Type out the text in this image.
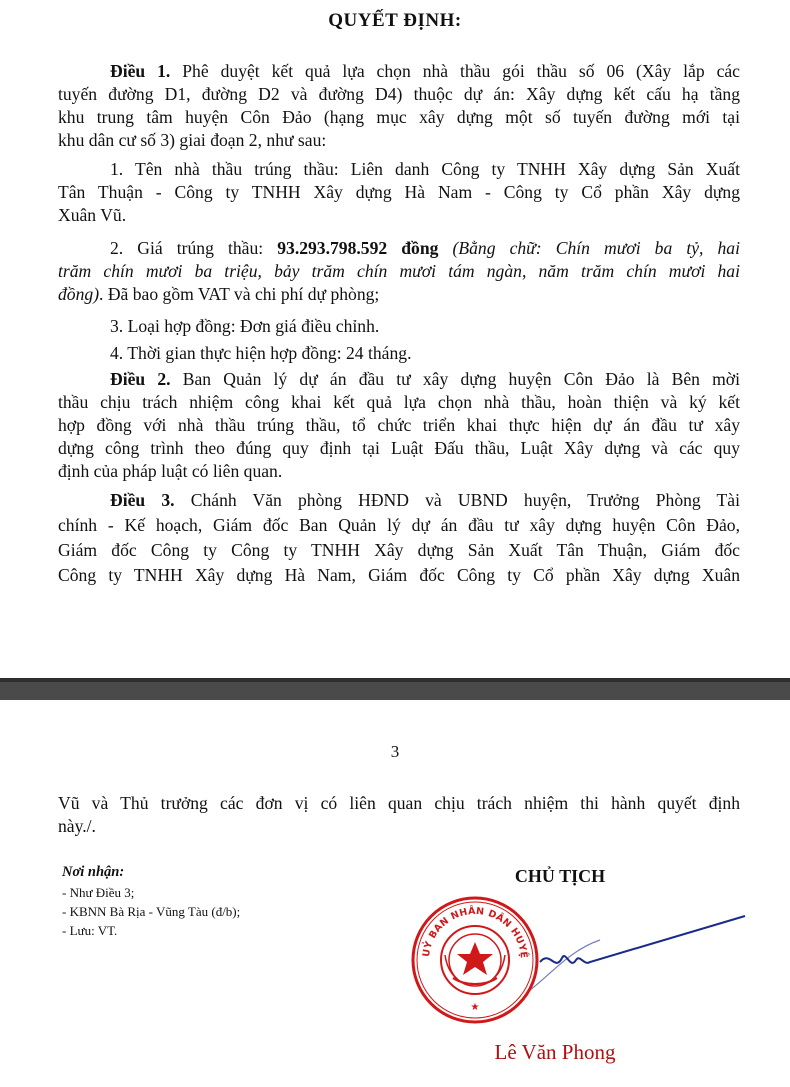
QUYẾT ĐỊNH:
Điều 1. Phê duyệt kết quả lựa chọn nhà thầu gói thầu số 06 (Xây lắp các
tuyến đường D1, đường D2 và đường D4) thuộc dự án: Xây dựng kết cấu hạ tầng
khu trung tâm huyện Côn Đảo (hạng mục xây dựng một số tuyến đường mới tại
khu dân cư số 3) giai đoạn 2, như sau:
1. Tên nhà thầu trúng thầu: Liên danh Công ty TNHH Xây dựng Sản Xuất
Tân Thuận - Công ty TNHH Xây dựng Hà Nam - Công ty Cổ phần Xây dựng
Xuân Vũ.
2. Giá trúng thầu: 93.293.798.592 đồng (Bằng chữ: Chín mươi ba tỷ, hai
trăm chín mươi ba triệu, bảy trăm chín mươi tám ngàn, năm trăm chín mươi hai
đồng). Đã bao gồm VAT và chi phí dự phòng;
3. Loại hợp đồng: Đơn giá điều chỉnh.
4. Thời gian thực hiện hợp đồng: 24 tháng.
Điều 2. Ban Quản lý dự án đầu tư xây dựng huyện Côn Đảo là Bên mời
thầu chịu trách nhiệm công khai kết quả lựa chọn nhà thầu, hoàn thiện và ký kết
hợp đồng với nhà thầu trúng thầu, tổ chức triển khai thực hiện dự án đầu tư xây
dựng công trình theo đúng quy định tại Luật Đấu thầu, Luật Xây dựng và các quy
định của pháp luật có liên quan.
Điều 3. Chánh Văn phòng HĐND và UBND huyện, Trưởng Phòng Tài
chính - Kế hoạch, Giám đốc Ban Quản lý dự án đầu tư xây dựng huyện Côn Đảo,
Giám đốc Công ty Công ty TNHH Xây dựng Sản Xuất Tân Thuận, Giám đốc
Công ty TNHH Xây dựng Hà Nam, Giám đốc Công ty Cổ phần Xây dựng Xuân
3
Vũ và Thủ trưởng các đơn vị có liên quan chịu trách nhiệm thi hành quyết định
này./.
Nơi nhận:
- Như Điều 3;
- KBNN Bà Rịa - Vũng Tàu (đ/b);
- Lưu: VT.
CHỦ TỊCH
UỶ BAN NHÂN DÂN HUYỆ
★
Lê Văn Phong
